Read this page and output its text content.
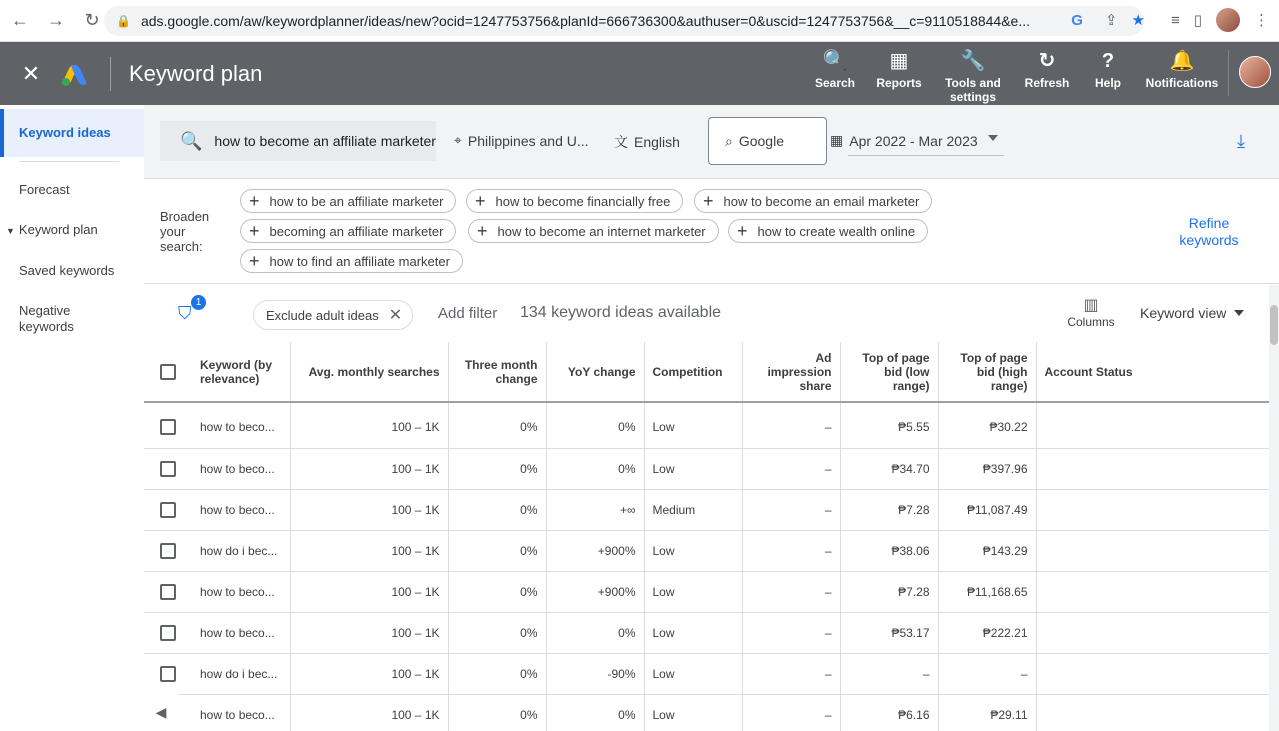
←	→	↻	🔒 ads.google.com/aw/keywordplanner/ideas/new?ocid=1247753756&planId=666736300&authuser=0&uscid=1247753756&__c=9110518844&e...	G ⇪ ★ ≡ ▯	⋮
✕	Keyword plan	🔍
Search
▦
Reports
🔧
Tools and settings
↻
Refresh
?
Help
🔔
Notifications
Keyword ideas
Forecast
▼ Keyword plan
Saved keywords
Negative keywords
🔍 how to become an affiliate marketer ⌖ Philippines and U... 文 English	⌕ Google	▦ Apr 2022 - Mar 2023	⤓
Broaden your search:
+ how to be an affiliate marketer + how to become financially free + how to become an email marketer
+ becoming an affiliate marketer + how to become an internet marketer + how to create wealth online
+ how to find an affiliate marketer
Refine keywords
⛉
1
Exclude adult ideas ✕ Add filter 134 keyword ideas available	▥
Columns
Keyword view
	Keyword (by relevance)	Avg. monthly searches	Three month change	YoY change	Competition	Ad impression share	Top of page bid (low range)	Top of page bid (high range)	Account Status

	how to beco...	100 – 1K	0%	0%	Low	–	₱5.55	₱30.22	
	how to beco...	100 – 1K	0%	0%	Low	–	₱34.70	₱397.96	
	how to beco...	100 – 1K	0%	+∞	Medium	–	₱7.28	₱11,087.49	
	how do i bec...	100 – 1K	0%	+900%	Low	–	₱38.06	₱143.29	
	how to beco...	100 – 1K	0%	+900%	Low	–	₱7.28	₱11,168.65	
	how to beco...	100 – 1K	0%	0%	Low	–	₱53.17	₱222.21	
	how do i bec...	100 – 1K	0%	-90%	Low	–	–	–	
	how to beco...	100 – 1K	0%	0%	Low	–	₱6.16	₱29.11	
◀
